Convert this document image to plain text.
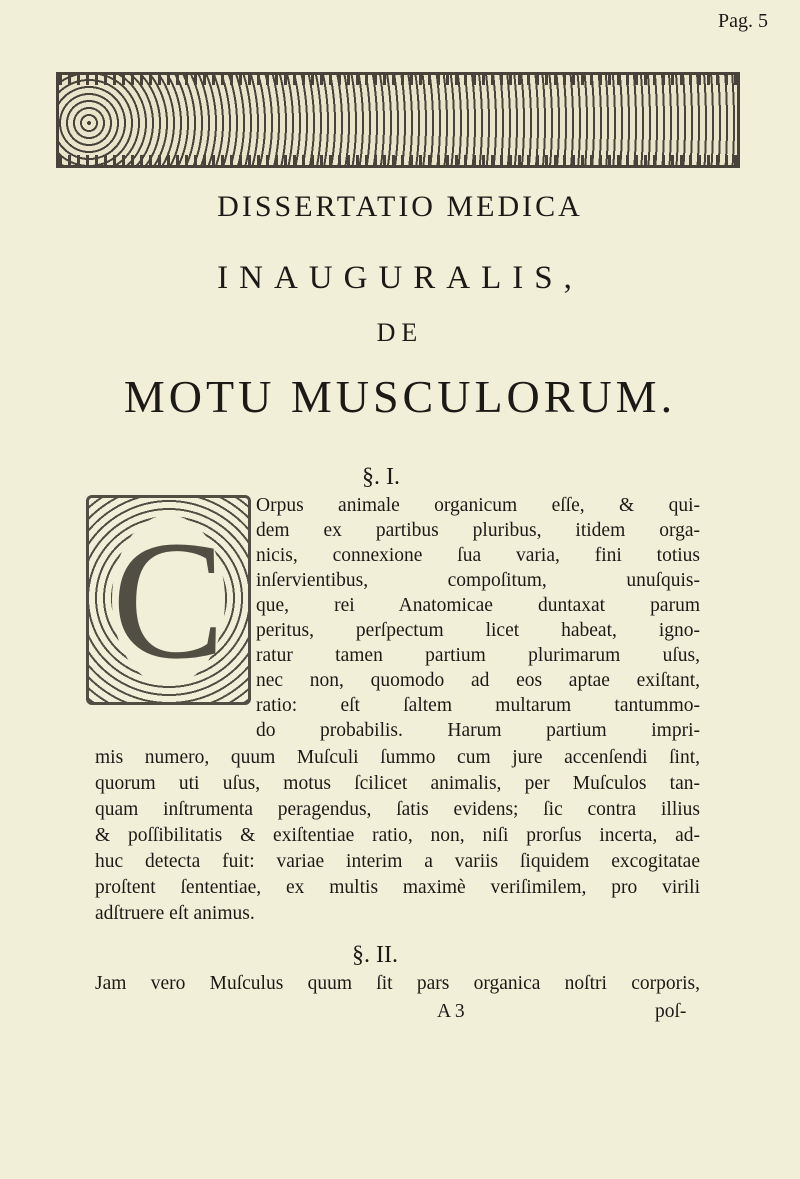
Pag. 5
DISSERTATIO MEDICA
INAUGURALIS,
DE
MOTU MUSCULORUM.
§. I.
C
Orpus animale organicum eſſe, & qui-
dem ex partibus pluribus, itidem orga-
nicis, connexione ſua varia, fini totius
inſervientibus, compoſitum, unuſquis-
que, rei Anatomicae duntaxat parum
peritus, perſpectum licet habeat, igno-
ratur tamen partium plurimarum uſus,
nec non, quomodo ad eos aptae exiſtant,
ratio: eſt ſaltem multarum tantummo-
do probabilis. Harum partium impri-
mis numero, quum Muſculi ſummo cum jure accenſendi ſint,
quorum uti uſus, motus ſcilicet animalis, per Muſculos tan-
quam inſtrumenta peragendus, ſatis evidens; ſic contra illius
& poſſibilitatis & exiſtentiae ratio, non, niſi prorſus incerta, ad-
huc detecta fuit: variae interim a variis ſiquidem excogitatae
proſtent ſententiae, ex multis maximè veriſimilem, pro virili
adſtruere eſt animus.
§. II.
Jam vero Muſculus quum ſit pars organica noſtri corporis,
A 3	poſ-
